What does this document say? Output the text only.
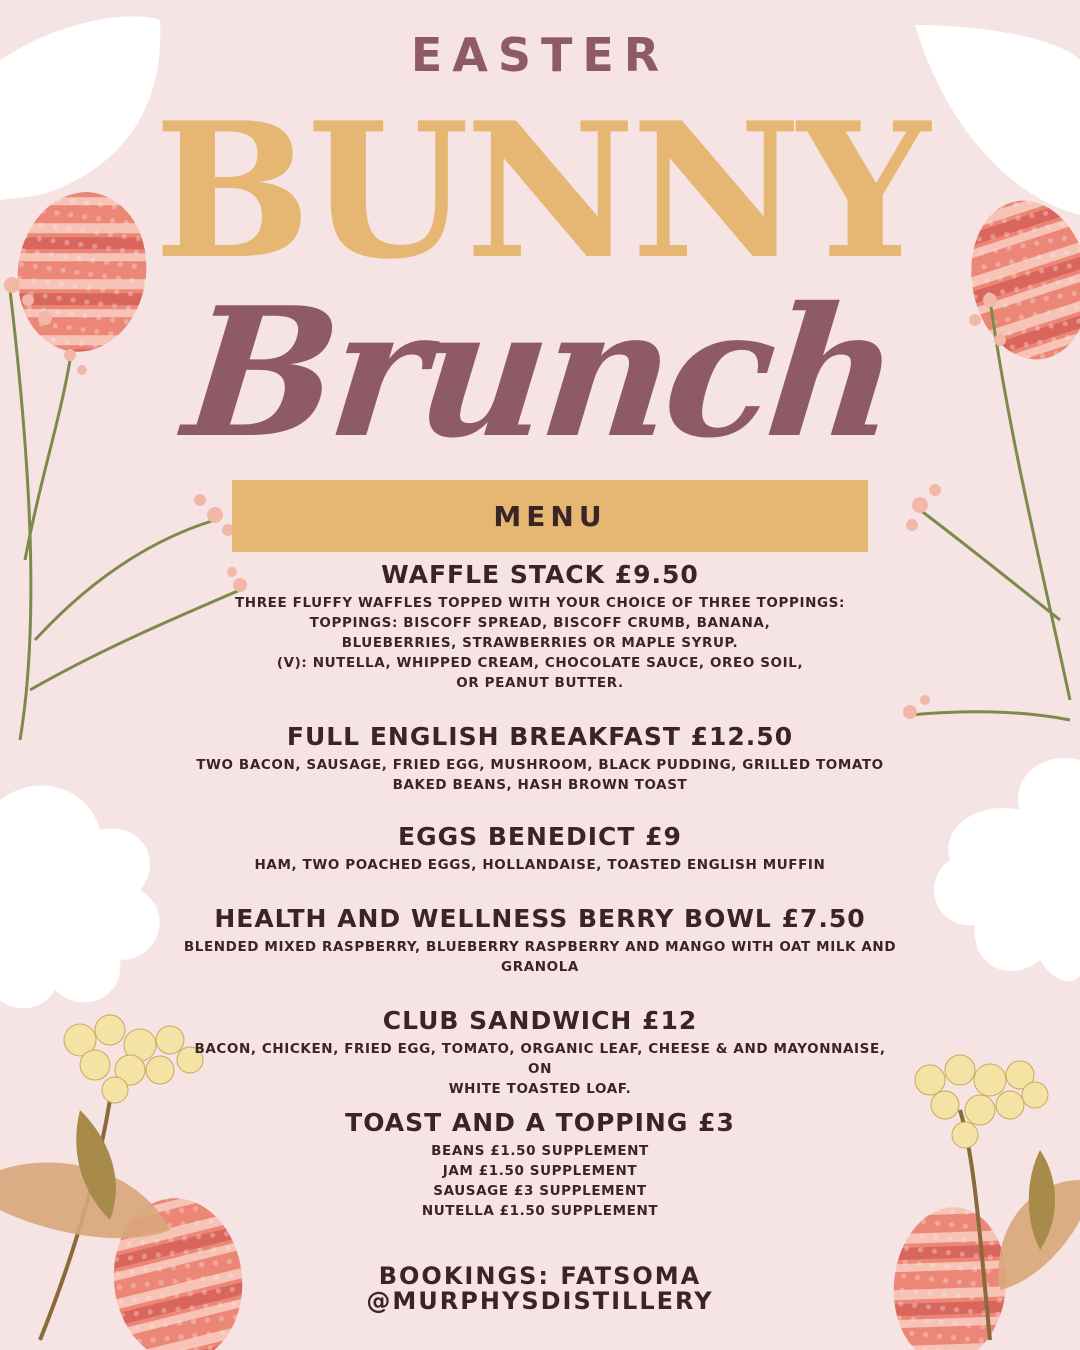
EASTER
BUNNY
Brunch
MENU
WAFFLE STACK £9.50

THREE FLUFFY WAFFLES TOPPED WITH YOUR CHOICE OF THREE TOPPINGS:

TOPPINGS: BISCOFF SPREAD, BISCOFF CRUMB, BANANA,

BLUEBERRIES, STRAWBERRIES OR MAPLE SYRUP.

(V): NUTELLA, WHIPPED CREAM, CHOCOLATE SAUCE, OREO SOIL,

OR PEANUT BUTTER.

FULL ENGLISH BREAKFAST £12.50

TWO BACON, SAUSAGE, FRIED EGG, MUSHROOM, BLACK PUDDING, GRILLED TOMATO

BAKED BEANS, HASH BROWN TOAST

EGGS BENEDICT £9

HAM, TWO POACHED EGGS, HOLLANDAISE, TOASTED ENGLISH MUFFIN

HEALTH AND WELLNESS BERRY BOWL £7.50

BLENDED MIXED RASPBERRY, BLUEBERRY RASPBERRY AND MANGO WITH OAT MILK AND

GRANOLA

CLUB SANDWICH £12

BACON, CHICKEN, FRIED EGG, TOMATO, ORGANIC LEAF, CHEESE & AND MAYONNAISE, ON

WHITE TOASTED LOAF.

TOAST AND A TOPPING £3

BEANS £1.50 SUPPLEMENT

JAM £1.50 SUPPLEMENT

SAUSAGE £3 SUPPLEMENT

NUTELLA £1.50 SUPPLEMENT

BOOKINGS: FATSOMA
@MURPHYSDISTILLERY
